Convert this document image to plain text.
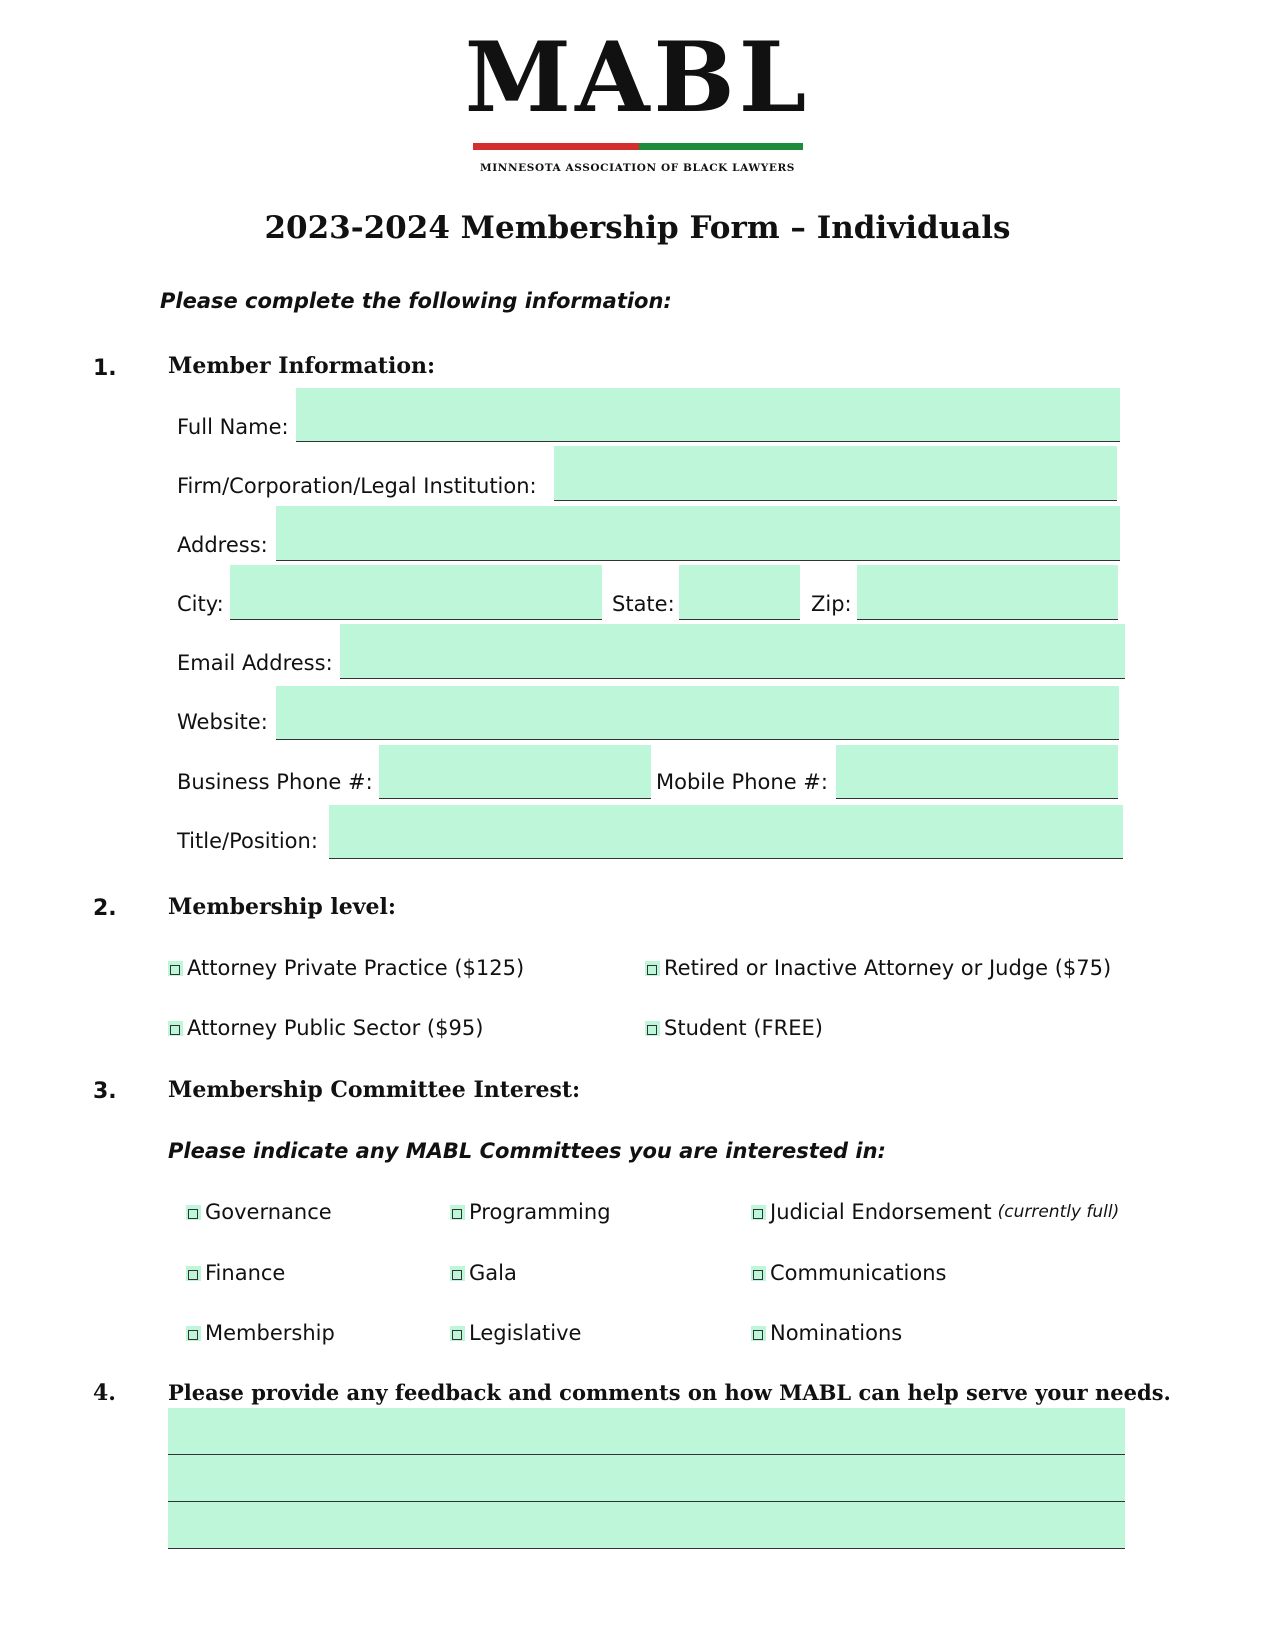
MABL
MINNESOTA ASSOCIATION OF BLACK LAWYERS
2023-2024 Membership Form – Individuals
Please complete the following information:
1. Member Information:
Full Name:
Firm/Corporation/Legal Institution:
Address:
City:	State:	Zip:
Email Address:
Website:
Business Phone #:	Mobile Phone #:
Title/Position:
2. Membership level:
Attorney Private Practice ($125)	Retired or Inactive Attorney or Judge ($75)
Attorney Public Sector ($95)	Student (FREE)
3. Membership Committee Interest:
Please indicate any MABL Committees you are interested in:
Governance	Programming	Judicial Endorsement (currently full)
Finance	Gala	Communications
Membership	Legislative	Nominations
4. Please provide any feedback and comments on how MABL can help serve your needs.
